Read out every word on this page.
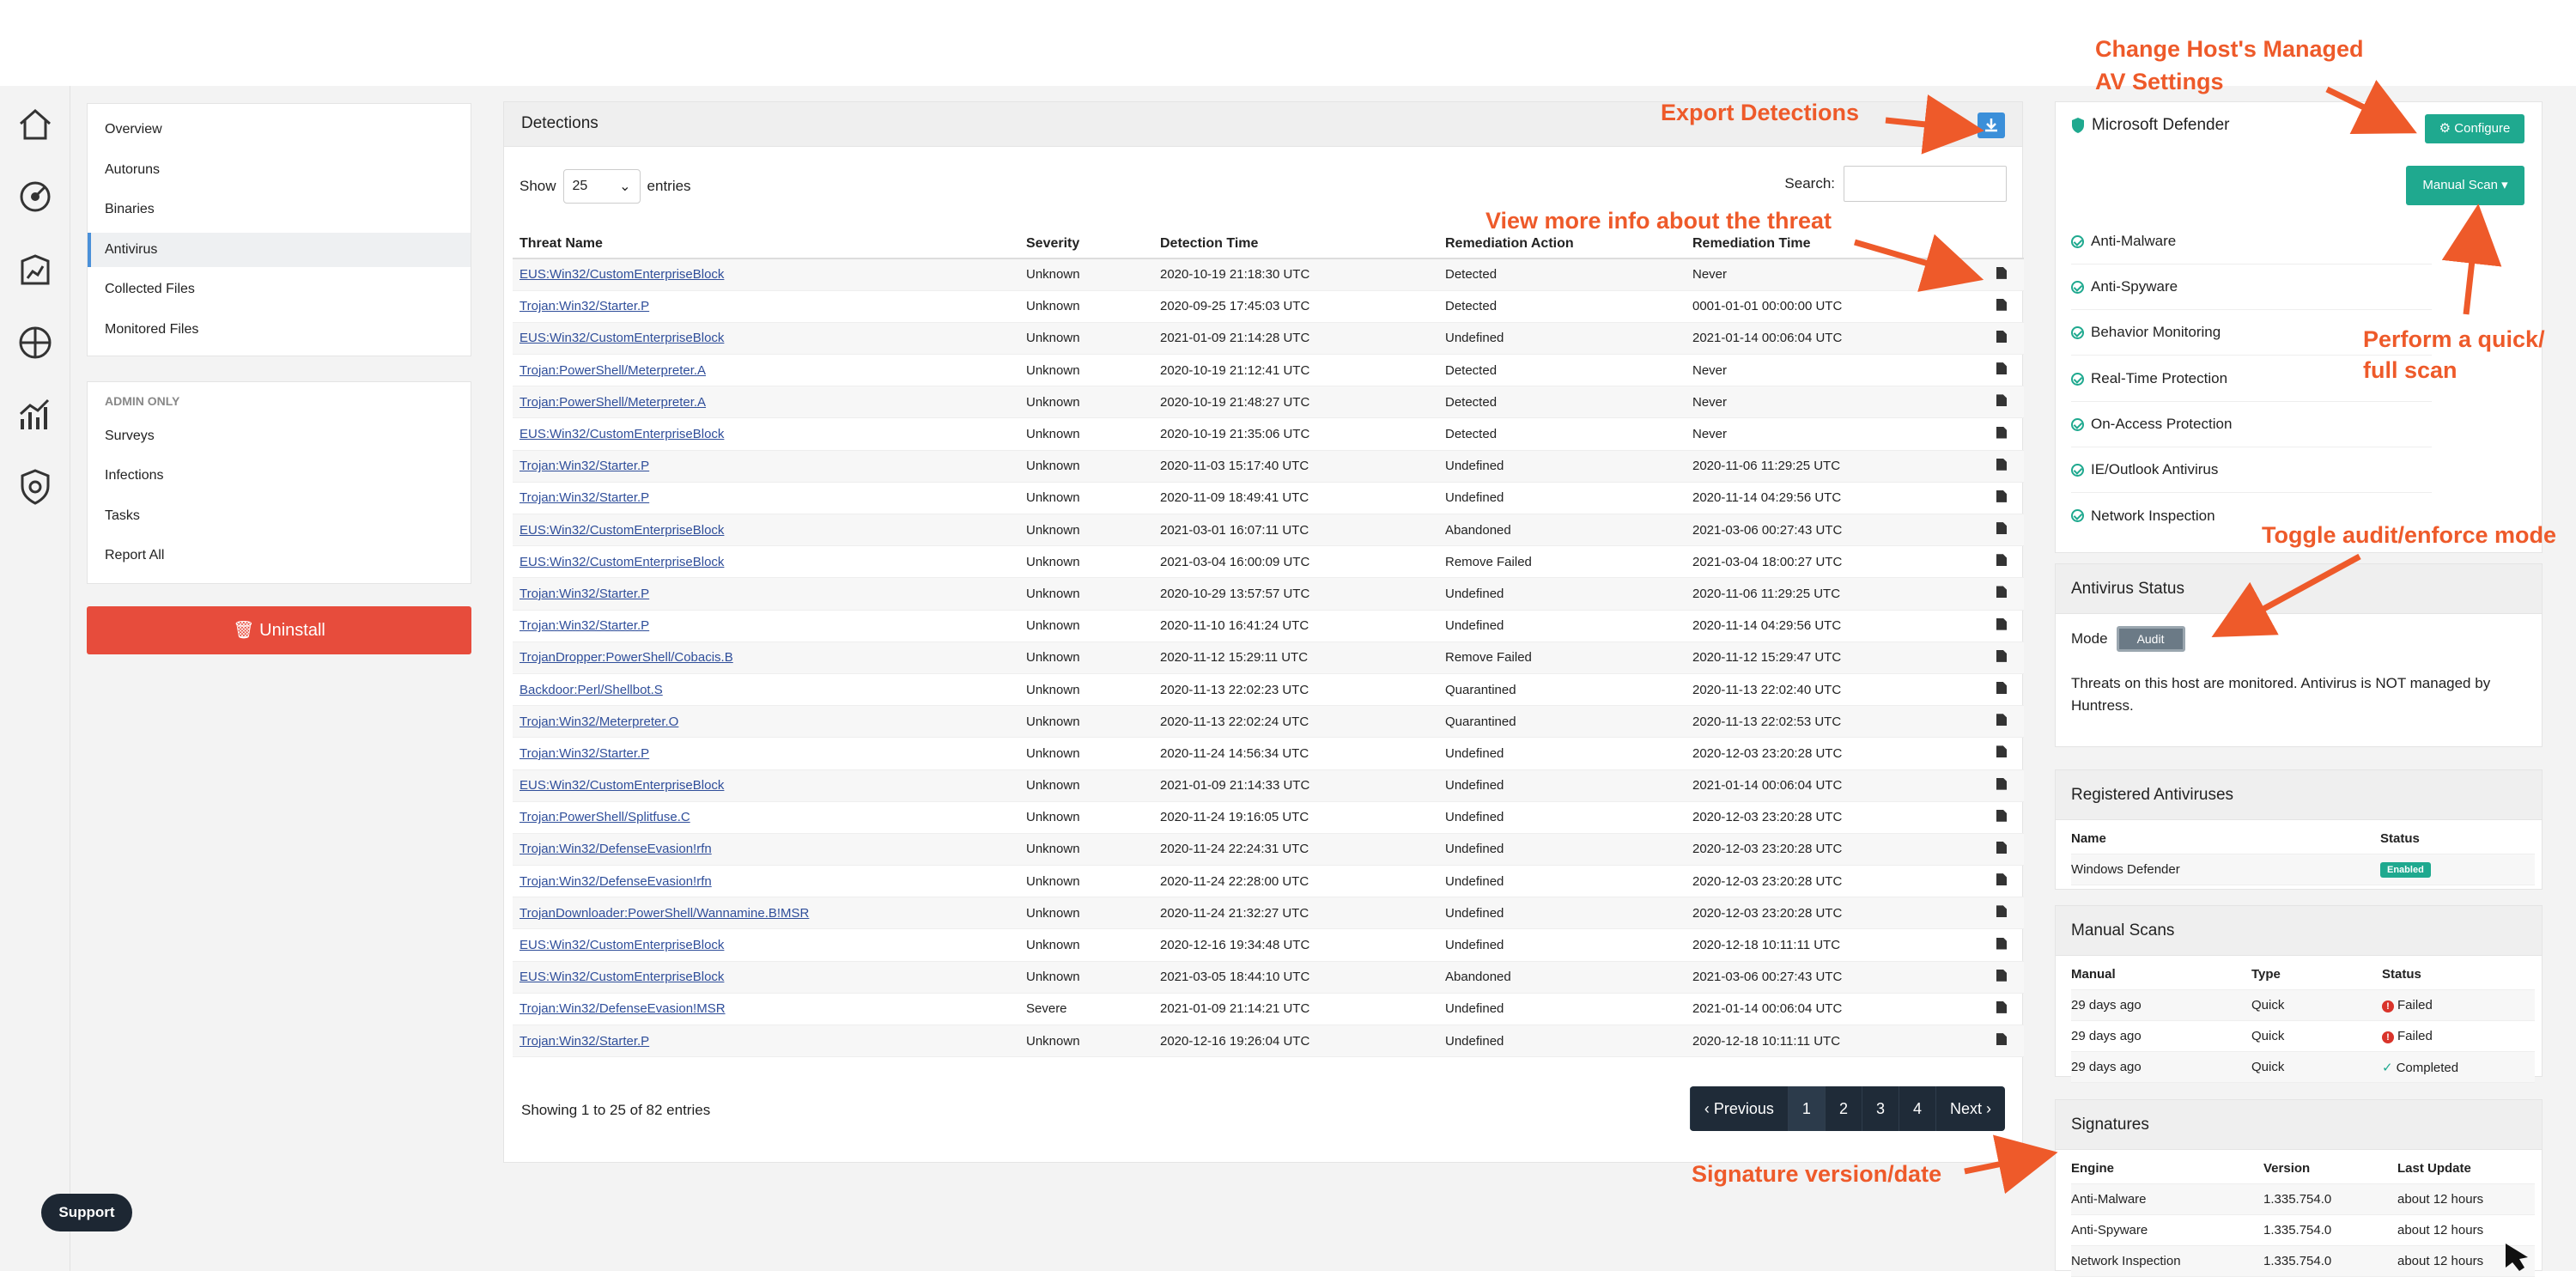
Overview
Autoruns
Binaries
Antivirus
Collected Files
Monitored Files
ADMIN ONLY
Surveys
Infections
Tasks
Report All
🗑 Uninstall
Support
Detections
Show 25 ⌄ entries	Search:
Threat Name	Severity	Detection Time	Remediation Action	Remediation Time	
EUS:Win32/CustomEnterpriseBlock	Unknown	2020-10-19 21:18:30 UTC	Detected	Never	
Trojan:Win32/Starter.P	Unknown	2020-09-25 17:45:03 UTC	Detected	0001-01-01 00:00:00 UTC	
EUS:Win32/CustomEnterpriseBlock	Unknown	2021-01-09 21:14:28 UTC	Undefined	2021-01-14 00:06:04 UTC	
Trojan:PowerShell/Meterpreter.A	Unknown	2020-10-19 21:12:41 UTC	Detected	Never	
Trojan:PowerShell/Meterpreter.A	Unknown	2020-10-19 21:48:27 UTC	Detected	Never	
EUS:Win32/CustomEnterpriseBlock	Unknown	2020-10-19 21:35:06 UTC	Detected	Never	
Trojan:Win32/Starter.P	Unknown	2020-11-03 15:17:40 UTC	Undefined	2020-11-06 11:29:25 UTC	
Trojan:Win32/Starter.P	Unknown	2020-11-09 18:49:41 UTC	Undefined	2020-11-14 04:29:56 UTC	
EUS:Win32/CustomEnterpriseBlock	Unknown	2021-03-01 16:07:11 UTC	Abandoned	2021-03-06 00:27:43 UTC	
EUS:Win32/CustomEnterpriseBlock	Unknown	2021-03-04 16:00:09 UTC	Remove Failed	2021-03-04 18:00:27 UTC	
Trojan:Win32/Starter.P	Unknown	2020-10-29 13:57:57 UTC	Undefined	2020-11-06 11:29:25 UTC	
Trojan:Win32/Starter.P	Unknown	2020-11-10 16:41:24 UTC	Undefined	2020-11-14 04:29:56 UTC	
TrojanDropper:PowerShell/Cobacis.B	Unknown	2020-11-12 15:29:11 UTC	Remove Failed	2020-11-12 15:29:47 UTC	
Backdoor:Perl/Shellbot.S	Unknown	2020-11-13 22:02:23 UTC	Quarantined	2020-11-13 22:02:40 UTC	
Trojan:Win32/Meterpreter.O	Unknown	2020-11-13 22:02:24 UTC	Quarantined	2020-11-13 22:02:53 UTC	
Trojan:Win32/Starter.P	Unknown	2020-11-24 14:56:34 UTC	Undefined	2020-12-03 23:20:28 UTC	
EUS:Win32/CustomEnterpriseBlock	Unknown	2021-01-09 21:14:33 UTC	Undefined	2021-01-14 00:06:04 UTC	
Trojan:PowerShell/Splitfuse.C	Unknown	2020-11-24 19:16:05 UTC	Undefined	2020-12-03 23:20:28 UTC	
Trojan:Win32/DefenseEvasion!rfn	Unknown	2020-11-24 22:24:31 UTC	Undefined	2020-12-03 23:20:28 UTC	
Trojan:Win32/DefenseEvasion!rfn	Unknown	2020-11-24 22:28:00 UTC	Undefined	2020-12-03 23:20:28 UTC	
TrojanDownloader:PowerShell/Wannamine.B!MSR	Unknown	2020-11-24 21:32:27 UTC	Undefined	2020-12-03 23:20:28 UTC	
EUS:Win32/CustomEnterpriseBlock	Unknown	2020-12-16 19:34:48 UTC	Undefined	2020-12-18 10:11:11 UTC	
EUS:Win32/CustomEnterpriseBlock	Unknown	2021-03-05 18:44:10 UTC	Abandoned	2021-03-06 00:27:43 UTC	
Trojan:Win32/DefenseEvasion!MSR	Severe	2021-01-09 21:14:21 UTC	Undefined	2021-01-14 00:06:04 UTC	
Trojan:Win32/Starter.P	Unknown	2020-12-16 19:26:04 UTC	Undefined	2020-12-18 10:11:11 UTC	
Showing 1 to 25 of 82 entries	‹ Previous	1	2	3	4	Next ›
Microsoft Defender	⚙ Configure
Manual Scan ▾
Anti-Malware
Anti-Spyware
Behavior Monitoring
Real-Time Protection
On-Access Protection
IE/Outlook Antivirus
Network Inspection
Antivirus Status
Mode	Audit
Threats on this host are monitored. Antivirus is NOT managed by Huntress.
Registered Antiviruses
Name	Status
Windows Defender	Enabled
Manual Scans
Manual	Type	Status
29 days ago	Quick	! Failed
29 days ago	Quick	! Failed
29 days ago	Quick	✓ Completed
Signatures
Engine	Version	Last Update
Anti-Malware	1.335.754.0	about 12 hours
Anti-Spyware	1.335.754.0	about 12 hours
Network Inspection	1.335.754.0	about 12 hours
Export Detections
View more info about the threat
Change Host's Managed
AV Settings
Perform a quick/
full scan
Toggle audit/enforce mode
Signature version/date
